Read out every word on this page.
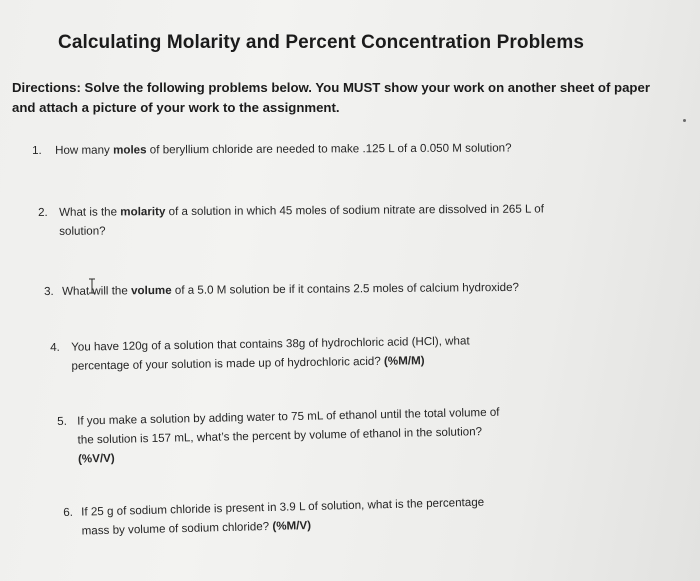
Calculating Molarity and Percent Concentration Problems
Directions: Solve the following problems below. You MUST show your work on another sheet of paper and attach a picture of your work to the assignment.
1. How many moles of beryllium chloride are needed to make .125 L of a 0.050 M solution?
2. What is the molarity of a solution in which 45 moles of sodium nitrate are dissolved in 265 L of solution?
3. What will the volume of a 5.0 M solution be if it contains 2.5 moles of calcium hydroxide?
4. You have 120g of a solution that contains 38g of hydrochloric acid (HCl), what percentage of your solution is made up of hydrochloric acid? (%M/M)
5. If you make a solution by adding water to 75 mL of ethanol until the total volume of the solution is 157 mL, what’s the percent by volume of ethanol in the solution? (%V/V)
6. If 25 g of sodium chloride is present in 3.9 L of solution, what is the percentage mass by volume of sodium chloride? (%M/V)
